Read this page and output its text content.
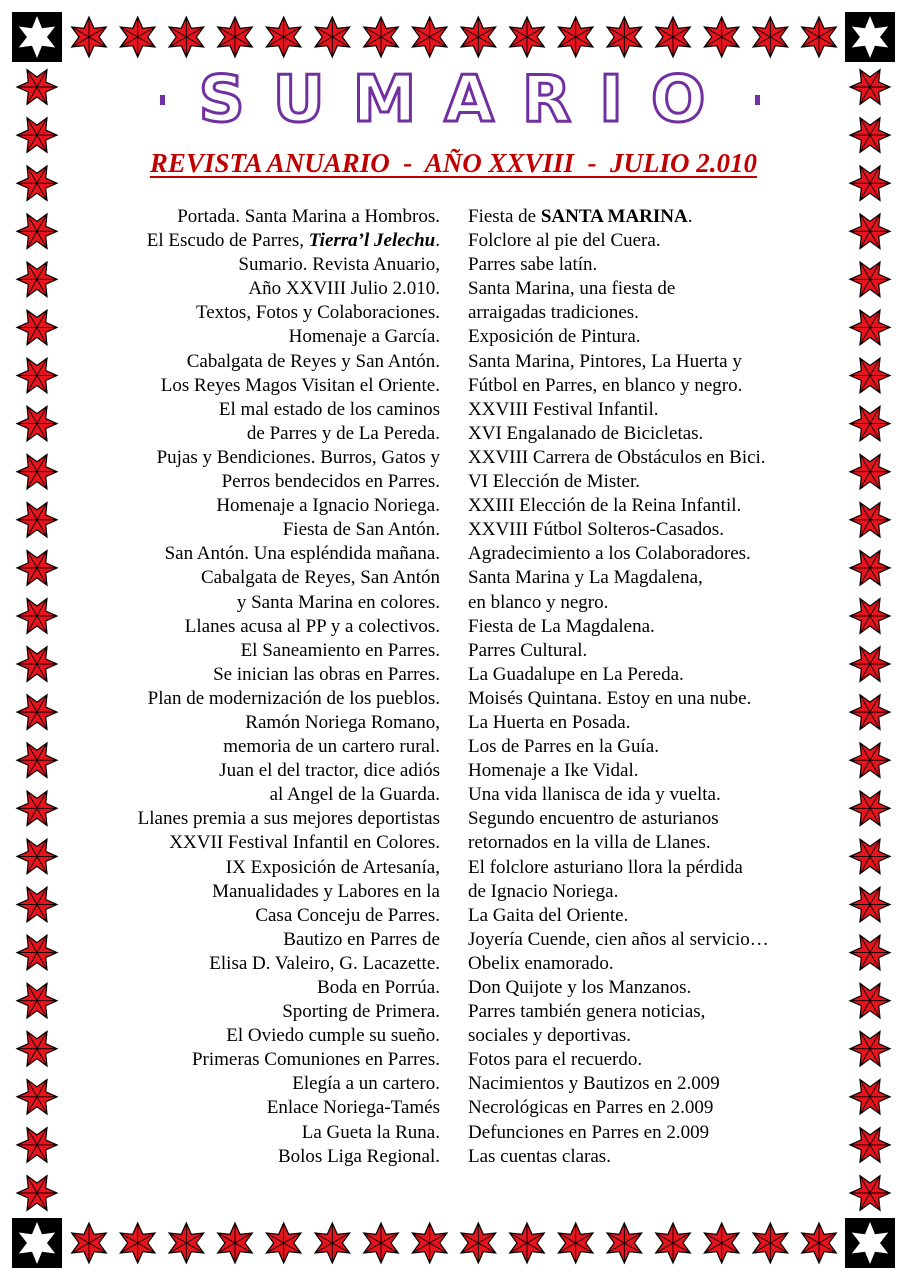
SUMARIO
REVISTA ANUARIO  -  AÑO XXVIII  -  JULIO 2.010
Portada. Santa Marina a Hombros.
El Escudo de Parres, Tierra’l Jelechu.
Sumario. Revista Anuario,
Año XXVIII Julio 2.010.
Textos, Fotos y Colaboraciones.
Homenaje a García.
Cabalgata de Reyes y San Antón.
Los Reyes Magos Visitan el Oriente.
El mal estado de los caminos
de Parres y de La Pereda.
Pujas y Bendiciones. Burros, Gatos y
Perros bendecidos en Parres.
Homenaje a Ignacio Noriega.
Fiesta de San Antón.
San Antón. Una espléndida mañana.
Cabalgata de Reyes, San Antón
y Santa Marina en colores.
Llanes acusa al PP y a colectivos.
El Saneamiento en Parres.
Se inician las obras en Parres.
Plan de modernización de los pueblos.
Ramón Noriega Romano,
memoria de un cartero rural.
Juan el del tractor, dice adiós
al Angel de la Guarda.
Llanes premia a sus mejores deportistas
XXVII Festival Infantil en Colores.
IX Exposición de Artesanía,
Manualidades y Labores en la
Casa Conceju de Parres.
Bautizo en Parres de
Elisa D. Valeiro, G. Lacazette.
Boda en Porrúa.
Sporting de Primera.
El Oviedo cumple su sueño.
Primeras Comuniones en Parres.
Elegía a un cartero.
Enlace Noriega-Tamés
La Gueta la Runa.
Bolos Liga Regional.
Fiesta de SANTA MARINA.
Folclore al pie del Cuera.
Parres sabe latín.
Santa Marina, una fiesta de
arraigadas tradiciones.
Exposición de Pintura.
Santa Marina, Pintores, La Huerta y
Fútbol en Parres, en blanco y negro.
XXVIII Festival Infantil.
XVI Engalanado de Bicicletas.
XXVIII Carrera de Obstáculos en Bici.
VI Elección de Mister.
XXIII Elección de la Reina Infantil.
XXVIII Fútbol Solteros-Casados.
Agradecimiento a los Colaboradores.
Santa Marina y La Magdalena,
en blanco y negro.
Fiesta de La Magdalena.
Parres Cultural.
La Guadalupe en La Pereda.
Moisés Quintana. Estoy en una nube.
La Huerta en Posada.
Los de Parres en la Guía.
Homenaje a Ike Vidal.
Una vida llanisca de ida y vuelta.
Segundo encuentro de asturianos
retornados en la villa de Llanes.
El folclore asturiano llora la pérdida
de Ignacio Noriega.
La Gaita del Oriente.
Joyería Cuende, cien años al servicio…
Obelix enamorado.
Don Quijote y los Manzanos.
Parres también genera noticias,
sociales y deportivas.
Fotos para el recuerdo.
Nacimientos y Bautizos en 2.009
Necrológicas en Parres en 2.009
Defunciones en Parres en 2.009
Las cuentas claras.
